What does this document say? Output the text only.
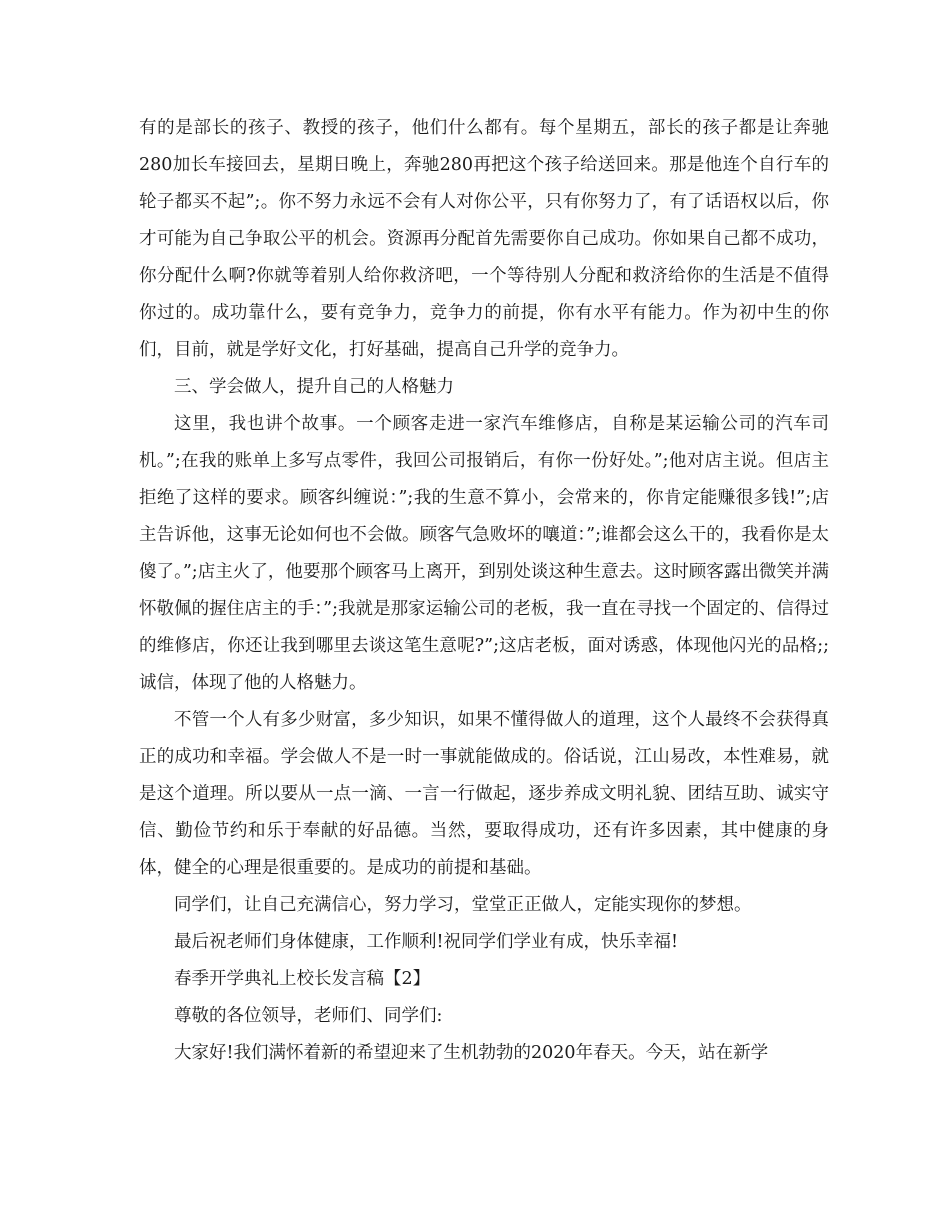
有的是部长的孩子、教授的孩子，他们什么都有。每个星期五，部长的孩子都是让奔驰280加长车接回去，星期日晚上，奔驰280再把这个孩子给送回来。那是他连个自行车的轮子都买不起”;。你不努力永远不会有人对你公平，只有你努力了，有了话语权以后，你才可能为自己争取公平的机会。资源再分配首先需要你自己成功。你如果自己都不成功，你分配什么啊?你就等着别人给你救济吧，一个等待别人分配和救济给你的生活是不值得你过的。成功靠什么，要有竞争力，竞争力的前提，你有水平有能力。作为初中生的你们，目前，就是学好文化，打好基础，提高自己升学的竞争力。

三、学会做人，提升自己的人格魅力

这里，我也讲个故事。一个顾客走进一家汽车维修店，自称是某运输公司的汽车司机。”;在我的账单上多写点零件，我回公司报销后，有你一份好处。”;他对店主说。但店主拒绝了这样的要求。顾客纠缠说：”;我的生意不算小，会常来的，你肯定能赚很多钱!”;店主告诉他，这事无论如何也不会做。顾客气急败坏的嚷道：”;谁都会这么干的，我看你是太傻了。”;店主火了，他要那个顾客马上离开，到别处谈这种生意去。这时顾客露出微笑并满怀敬佩的握住店主的手：”;我就是那家运输公司的老板，我一直在寻找一个固定的、信得过的维修店，你还让我到哪里去谈这笔生意呢?”;这店老板，面对诱惑，体现他闪光的品格;;诚信，体现了他的人格魅力。

不管一个人有多少财富，多少知识，如果不懂得做人的道理，这个人最终不会获得真正的成功和幸福。学会做人不是一时一事就能做成的。俗话说，江山易改，本性难易，就是这个道理。所以要从一点一滴、一言一行做起，逐步养成文明礼貌、团结互助、诚实守信、勤俭节约和乐于奉献的好品德。当然，要取得成功，还有许多因素，其中健康的身体，健全的心理是很重要的。是成功的前提和基础。

同学们，让自己充满信心，努力学习，堂堂正正做人，定能实现你的梦想。

最后祝老师们身体健康，工作顺利!祝同学们学业有成，快乐幸福!

春季开学典礼上校长发言稿【2】

尊敬的各位领导，老师们、同学们:

大家好!我们满怀着新的希望迎来了生机勃勃的2020年春天。今天，站在新学
